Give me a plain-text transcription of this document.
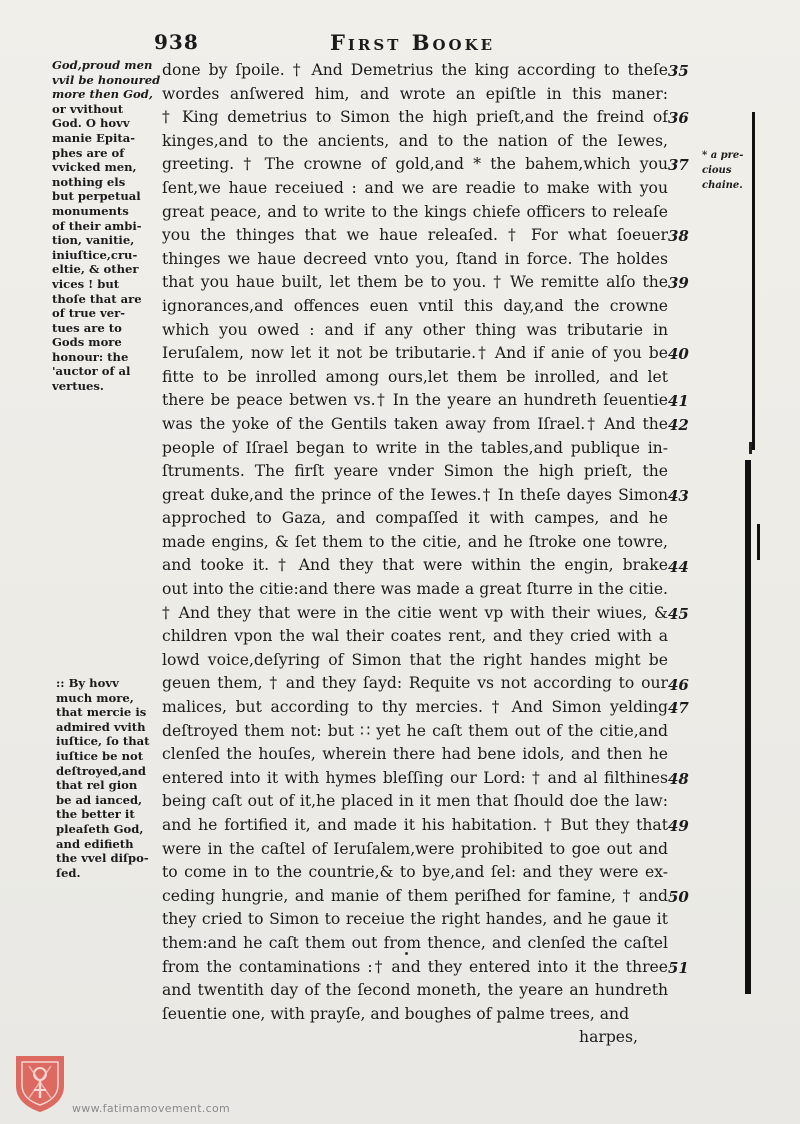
938	First Booke
God,proud men
vvil be honoured
more then God,
or vvithout
God. O hovv
manie Epita-
phes are of
vvicked men,
nothing els
but perpetual
monuments
of their ambi-
tion, vanitie,
iniuſtice,cru-
eltie, & other
vices ! but
thoſe that are
of true ver-
tues are to
Gods more
honour: the
'auctor of al
vertues.
:: By hovv
much more,
that mercie is
admired vvith
iuſtice, ſo that
iuſtice be not
deſtroyed,and
that rel gion
be ad ianced,
the better it
pleaſeth God,
and edifieth
the vvel diſpo-
ſed.
done by ſpoile. † And Demetrius the king according to theſe
wordes anſwered him, and wrote an epiſtle in this maner:
† King demetrius to Simon the high prieſt,and the freind of
kinges,and to the ancients, and to the nation of the Iewes,
greeting. † The crowne of gold,and * the bahem,which you
ſent,we haue receiued : and we are readie to make with you
great peace, and to write to the kings chiefe officers to releaſe
you the thinges that we haue releaſed. † For what ſoeuer
thinges we haue decreed vnto you, ſtand in force. The holdes
that you haue built, let them be to you. † We remitte alſo the
ignorances,and offences euen vntil this day,and the crowne
which you owed : and if any other thing was tributarie in
Ieruſalem, now let it not be tributarie.† And if anie of you be
fitte to be inrolled among ours,let them be inrolled, and let
there be peace betwen vs.† In the yeare an hundreth ſeuentie
was the yoke of the Gentils taken away from Iſrael.† And the
people of Iſrael began to write in the tables,and publique in-
ſtruments. The firſt yeare vnder Simon the high prieſt, the
great duke,and the prince of the Iewes.† In theſe dayes Simon
approched to Gaza, and compaſſed it with campes, and he
made engins, & ſet them to the citie, and he ſtroke one towre,
and tooke it. † And they that were within the engin, brake
out into the citie:and there was made a great ſturre in the citie.
† And they that were in the citie went vp with their wiues, &
children vpon the wal their coates rent, and they cried with a
lowd voice,deſyring of Simon that the right handes might be
geuen them, † and they ſayd: Requite vs not according to our
malices, but according to thy mercies. † And Simon yelding
deſtroyed them not: but ∷ yet he caſt them out of the citie,and
clenſed the houſes, wherein there had bene idols, and then he
entered into it with hymes bleſſing our Lord: † and al filthines
being caſt out of it,he placed in it men that ſhould doe the law:
and he fortified it, and made it his habitation. † But they that
were in the caſtel of Ieruſalem,were prohibited to goe out and
to come in to the countrie,& to bye,and ſel: and they were ex-
ceding hungrie, and manie of them periſhed for famine, † and
they cried to Simon to receiue the right handes, and he gaue it
them:and he caſt them out from thence, and clenſed the caſtel
from the contaminations :† and they entered into it the three
and twentith day of the ſecond moneth, the yeare an hundreth
ſeuentie one, with prayſe, and boughes of palme trees, and
harpes,
35
36
37
38
39
40
41
42
43
44
45
46
47
48
49
50
51
* a pre-
cious
chaine.
www.fatimamovement.com
